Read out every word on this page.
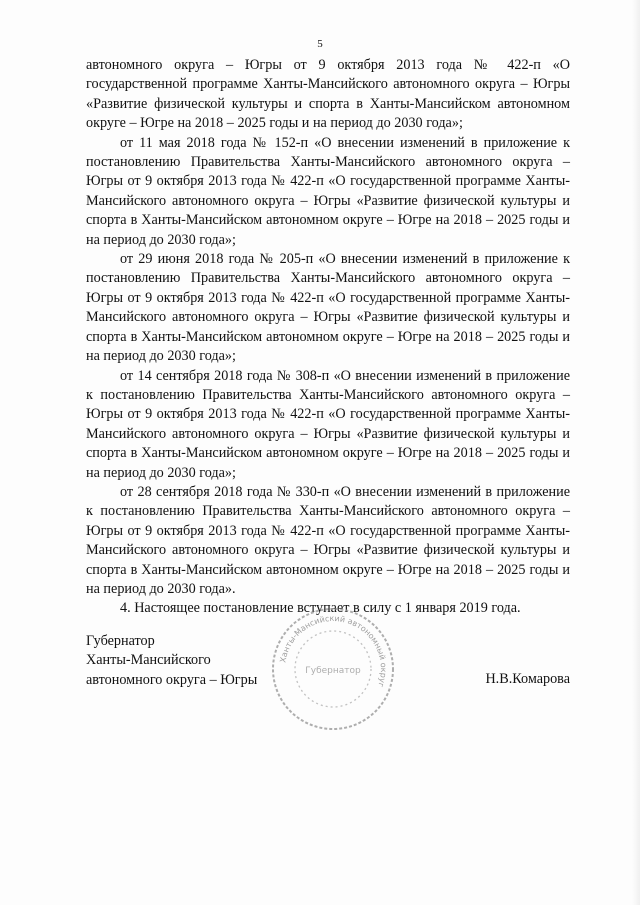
5

автономного округа – Югры от 9 октября 2013 года № 422-п «О государственной программе Ханты-Мансийского автономного округа – Югры «Развитие физической культуры и спорта в Ханты-Мансийском автономном округе – Югре на 2018 – 2025 годы и на период до 2030 года»;

от 11 мая 2018 года № 152-п «О внесении изменений в приложение к постановлению Правительства Ханты-Мансийского автономного округа – Югры от 9 октября 2013 года № 422-п «О государственной программе Ханты-Мансийского автономного округа – Югры «Развитие физической культуры и спорта в Ханты-Мансийском автономном округе – Югре на 2018 – 2025 годы и на период до 2030 года»;

от 29 июня 2018 года № 205-п «О внесении изменений в приложение к постановлению Правительства Ханты-Мансийского автономного округа – Югры от 9 октября 2013 года № 422-п «О государственной программе Ханты-Мансийского автономного округа – Югры «Развитие физической культуры и спорта в Ханты-Мансийском автономном округе – Югре на 2018 – 2025 годы и на период до 2030 года»;

от 14 сентября 2018 года № 308-п «О внесении изменений в приложение к постановлению Правительства Ханты-Мансийского автономного округа – Югры от 9 октября 2013 года № 422-п «О государственной программе Ханты-Мансийского автономного округа – Югры «Развитие физической культуры и спорта в Ханты-Мансийском автономном округе – Югре на 2018 – 2025 годы и на период до 2030 года»;

от 28 сентября 2018 года № 330-п «О внесении изменений в приложение к постановлению Правительства Ханты-Мансийского автономного округа – Югры от 9 октября 2013 года № 422-п «О государственной программе Ханты-Мансийского автономного округа – Югры «Развитие физической культуры и спорта в Ханты-Мансийском автономном округе – Югре на 2018 – 2025 годы и на период до 2030 года».

4. Настоящее постановление вступает в силу с 1 января 2019 года.

Ханты-Мансийский автономный округ
Губернатор
Губернатор
Ханты-Мансийского
автономного округа – Югры	Н.В.Комарова
